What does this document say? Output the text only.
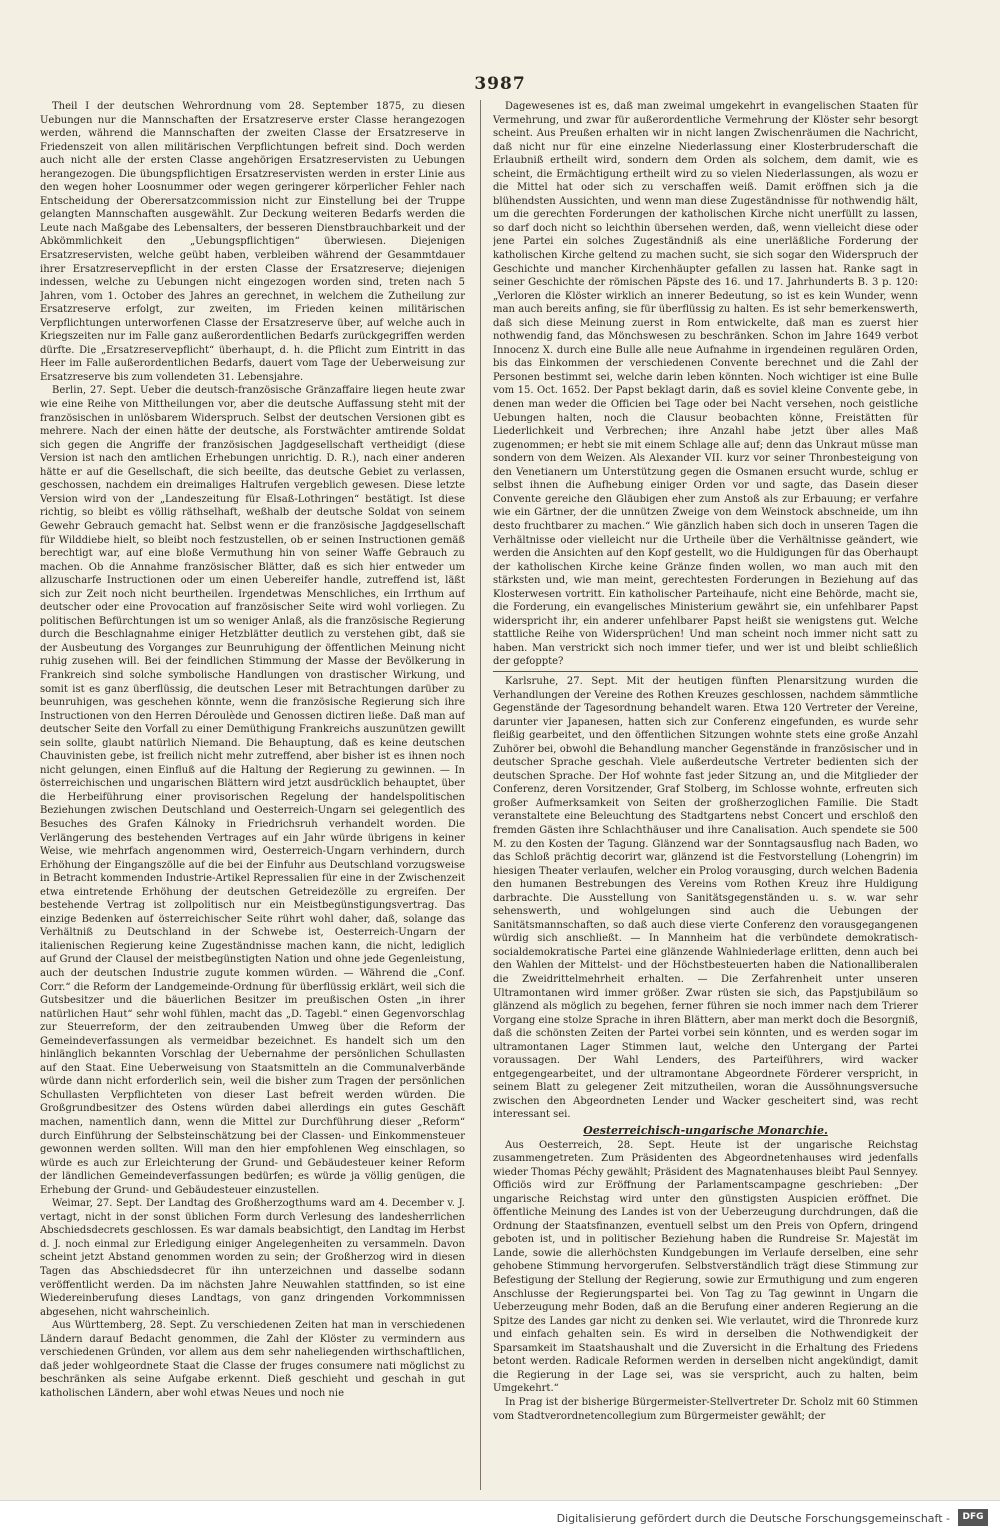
3987

Theil I der deutschen Wehrordnung vom 28. September 1875, zu diesen Uebungen nur die Mannschaften der Ersatzreserve erster Classe herangezogen werden, während die Mannschaften der zweiten Classe der Ersatzreserve in Friedenszeit von allen militärischen Verpflichtungen befreit sind. Doch werden auch nicht alle der ersten Classe angehörigen Ersatzreservisten zu Uebungen herangezogen. Die übungspflichtigen Ersatzreservisten werden in erster Linie aus den wegen hoher Loosnummer oder wegen geringerer körperlicher Fehler nach Entscheidung der Oberersatzcommission nicht zur Einstellung bei der Truppe gelangten Mannschaften ausgewählt. Zur Deckung weiteren Bedarfs werden die Leute nach Maßgabe des Lebensalters, der besseren Dienstbrauchbarkeit und der Abkömmlichkeit den „Uebungspflichtigen“ überwiesen. Diejenigen Ersatzreservisten, welche geübt haben, verbleiben während der Gesammtdauer ihrer Ersatzreservepflicht in der ersten Classe der Ersatzreserve; diejenigen indessen, welche zu Uebungen nicht eingezogen worden sind, treten nach 5 Jahren, vom 1. October des Jahres an gerechnet, in welchem die Zutheilung zur Ersatzreserve erfolgt, zur zweiten, im Frieden keinen militärischen Verpflichtungen unterworfenen Classe der Ersatzreserve über, auf welche auch in Kriegszeiten nur im Falle ganz außerordentlichen Bedarfs zurückgegriffen werden dürfte. Die „Ersatzreservepflicht“ überhaupt, d. h. die Pflicht zum Eintritt in das Heer im Falle außerordentlichen Bedarfs, dauert vom Tage der Ueberweisung zur Ersatzreserve bis zum vollendeten 31. Lebensjahre.

Berlin, 27. Sept. Ueber die deutsch-französische Gränzaffaire liegen heute zwar wie eine Reihe von Mittheilungen vor, aber die deutsche Auffassung steht mit der französischen in unlösbarem Widerspruch. Selbst der deutschen Versionen gibt es mehrere. Nach der einen hätte der deutsche, als Forstwächter amtirende Soldat sich gegen die Angriffe der französischen Jagdgesellschaft vertheidigt (diese Version ist nach den amtlichen Erhebungen unrichtig. D. R.), nach einer anderen hätte er auf die Gesellschaft, die sich beeilte, das deutsche Gebiet zu verlassen, geschossen, nachdem ein dreimaliges Haltrufen vergeblich gewesen. Diese letzte Version wird von der „Landeszeitung für Elsaß-Lothringen“ bestätigt. Ist diese richtig, so bleibt es völlig räthselhaft, weßhalb der deutsche Soldat von seinem Gewehr Gebrauch gemacht hat. Selbst wenn er die französische Jagdgesellschaft für Wilddiebe hielt, so bleibt noch festzustellen, ob er seinen Instructionen gemäß berechtigt war, auf eine bloße Vermuthung hin von seiner Waffe Gebrauch zu machen. Ob die Annahme französischer Blätter, daß es sich hier entweder um allzuscharfe Instructionen oder um einen Uebereifer handle, zutreffend ist, läßt sich zur Zeit noch nicht beurtheilen. Irgendetwas Menschliches, ein Irrthum auf deutscher oder eine Provocation auf französischer Seite wird wohl vorliegen. Zu politischen Befürchtungen ist um so weniger Anlaß, als die französische Regierung durch die Beschlagnahme einiger Hetzblätter deutlich zu verstehen gibt, daß sie der Ausbeutung des Vorganges zur Beunruhigung der öffentlichen Meinung nicht ruhig zusehen will. Bei der feindlichen Stimmung der Masse der Bevölkerung in Frankreich sind solche symbolische Handlungen von drastischer Wirkung, und somit ist es ganz überflüssig, die deutschen Leser mit Betrachtungen darüber zu beunruhigen, was geschehen könnte, wenn die französische Regierung sich ihre Instructionen von den Herren Déroulède und Genossen dictiren ließe. Daß man auf deutscher Seite den Vorfall zu einer Demüthigung Frankreichs auszunützen gewillt sein sollte, glaubt natürlich Niemand. Die Behauptung, daß es keine deutschen Chauvinisten gebe, ist freilich nicht mehr zutreffend, aber bisher ist es ihnen noch nicht gelungen, einen Einfluß auf die Haltung der Regierung zu gewinnen. — In österreichischen und ungarischen Blättern wird jetzt ausdrücklich behauptet, über die Herbeiführung einer provisorischen Regelung der handelspolitischen Beziehungen zwischen Deutschland und Oesterreich-Ungarn sei gelegentlich des Besuches des Grafen Kálnoky in Friedrichsruh verhandelt worden. Die Verlängerung des bestehenden Vertrages auf ein Jahr würde übrigens in keiner Weise, wie mehrfach angenommen wird, Oesterreich-Ungarn verhindern, durch Erhöhung der Eingangszölle auf die bei der Einfuhr aus Deutschland vorzugsweise in Betracht kommenden Industrie-Artikel Repressalien für eine in der Zwischenzeit etwa eintretende Erhöhung der deutschen Getreidezölle zu ergreifen. Der bestehende Vertrag ist zollpolitisch nur ein Meistbegünstigungsvertrag. Das einzige Bedenken auf österreichischer Seite rührt wohl daher, daß, solange das Verhältniß zu Deutschland in der Schwebe ist, Oesterreich-Ungarn der italienischen Regierung keine Zugeständnisse machen kann, die nicht, lediglich auf Grund der Clausel der meistbegünstigten Nation und ohne jede Gegenleistung, auch der deutschen Industrie zugute kommen würden. — Während die „Conf. Corr.“ die Reform der Landgemeinde-Ordnung für überflüssig erklärt, weil sich die Gutsbesitzer und die bäuerlichen Besitzer im preußischen Osten „in ihrer natürlichen Haut“ sehr wohl fühlen, macht das „D. Tagebl.“ einen Gegenvorschlag zur Steuerreform, der den zeitraubenden Umweg über die Reform der Gemeindeverfassungen als vermeidbar bezeichnet. Es handelt sich um den hinlänglich bekannten Vorschlag der Uebernahme der persönlichen Schullasten auf den Staat. Eine Ueberweisung von Staatsmitteln an die Communalverbände würde dann nicht erforderlich sein, weil die bisher zum Tragen der persönlichen Schullasten Verpflichteten von dieser Last befreit werden würden. Die Großgrundbesitzer des Ostens würden dabei allerdings ein gutes Geschäft machen, namentlich dann, wenn die Mittel zur Durchführung dieser „Reform“ durch Einführung der Selbsteinschätzung bei der Classen- und Einkommensteuer gewonnen werden sollten. Will man den hier empfohlenen Weg einschlagen, so würde es auch zur Erleichterung der Grund- und Gebäudesteuer keiner Reform der ländlichen Gemeindeverfassungen bedürfen; es würde ja völlig genügen, die Erhebung der Grund- und Gebäudesteuer einzustellen.

Weimar, 27. Sept. Der Landtag des Großherzogthums ward am 4. December v. J. vertagt, nicht in der sonst üblichen Form durch Verlesung des landesherrlichen Abschiedsdecrets geschlossen. Es war damals beabsichtigt, den Landtag im Herbst d. J. noch einmal zur Erledigung einiger Angelegenheiten zu versammeln. Davon scheint jetzt Abstand genommen worden zu sein; der Großherzog wird in diesen Tagen das Abschiedsdecret für ihn unterzeichnen und dasselbe sodann veröffentlicht werden. Da im nächsten Jahre Neuwahlen stattfinden, so ist eine Wiedereinberufung dieses Landtags, von ganz dringenden Vorkommnissen abgesehen, nicht wahrscheinlich.

Aus Württemberg, 28. Sept. Zu verschiedenen Zeiten hat man in verschiedenen Ländern darauf Bedacht genommen, die Zahl der Klöster zu vermindern aus verschiedenen Gründen, vor allem aus dem sehr naheliegenden wirthschaftlichen, daß jeder wohlgeordnete Staat die Classe der fruges consumere nati möglichst zu beschränken als seine Aufgabe erkennt. Dieß geschieht und geschah in gut katholischen Ländern, aber wohl etwas Neues und noch nie

Dagewesenes ist es, daß man zweimal umgekehrt in evangelischen Staaten für Vermehrung, und zwar für außerordentliche Vermehrung der Klöster sehr besorgt scheint. Aus Preußen erhalten wir in nicht langen Zwischenräumen die Nachricht, daß nicht nur für eine einzelne Niederlassung einer Klosterbruderschaft die Erlaubniß ertheilt wird, sondern dem Orden als solchem, dem damit, wie es scheint, die Ermächtigung ertheilt wird zu so vielen Niederlassungen, als wozu er die Mittel hat oder sich zu verschaffen weiß. Damit eröffnen sich ja die blühendsten Aussichten, und wenn man diese Zugeständnisse für nothwendig hält, um die gerechten Forderungen der katholischen Kirche nicht unerfüllt zu lassen, so darf doch nicht so leichthin übersehen werden, daß, wenn vielleicht diese oder jene Partei ein solches Zugeständniß als eine unerläßliche Forderung der katholischen Kirche geltend zu machen sucht, sie sich sogar den Widerspruch der Geschichte und mancher Kirchenhäupter gefallen zu lassen hat. Ranke sagt in seiner Geschichte der römischen Päpste des 16. und 17. Jahrhunderts B. 3 p. 120: „Verloren die Klöster wirklich an innerer Bedeutung, so ist es kein Wunder, wenn man auch bereits anfing, sie für überflüssig zu halten. Es ist sehr bemerkenswerth, daß sich diese Meinung zuerst in Rom entwickelte, daß man es zuerst hier nothwendig fand, das Mönchswesen zu beschränken. Schon im Jahre 1649 verbot Innocenz X. durch eine Bulle alle neue Aufnahme in irgendeinen regulären Orden, bis das Einkommen der verschiedenen Convente berechnet und die Zahl der Personen bestimmt sei, welche darin leben könnten. Noch wichtiger ist eine Bulle vom 15. Oct. 1652. Der Papst beklagt darin, daß es soviel kleine Convente gebe, in denen man weder die Officien bei Tage oder bei Nacht versehen, noch geistliche Uebungen halten, noch die Clausur beobachten könne, Freistätten für Liederlichkeit und Verbrechen; ihre Anzahl habe jetzt über alles Maß zugenommen; er hebt sie mit einem Schlage alle auf; denn das Unkraut müsse man sondern von dem Weizen. Als Alexander VII. kurz vor seiner Thronbesteigung von den Venetianern um Unterstützung gegen die Osmanen ersucht wurde, schlug er selbst ihnen die Aufhebung einiger Orden vor und sagte, das Dasein dieser Convente gereiche den Gläubigen eher zum Anstoß als zur Erbauung; er verfahre wie ein Gärtner, der die unnützen Zweige von dem Weinstock abschneide, um ihn desto fruchtbarer zu machen.“ Wie gänzlich haben sich doch in unseren Tagen die Verhältnisse oder vielleicht nur die Urtheile über die Verhältnisse geändert, wie werden die Ansichten auf den Kopf gestellt, wo die Huldigungen für das Oberhaupt der katholischen Kirche keine Gränze finden wollen, wo man auch mit den stärksten und, wie man meint, gerechtesten Forderungen in Beziehung auf das Klosterwesen vortritt. Ein katholischer Parteihaufe, nicht eine Behörde, macht sie, die Forderung, ein evangelisches Ministerium gewährt sie, ein unfehlbarer Papst widerspricht ihr, ein anderer unfehlbarer Papst heißt sie wenigstens gut. Welche stattliche Reihe von Widersprüchen! Und man scheint noch immer nicht satt zu haben. Man verstrickt sich noch immer tiefer, und wer ist und bleibt schließlich der gefoppte?

Karlsruhe, 27. Sept. Mit der heutigen fünften Plenarsitzung wurden die Verhandlungen der Vereine des Rothen Kreuzes geschlossen, nachdem sämmtliche Gegenstände der Tagesordnung behandelt waren. Etwa 120 Vertreter der Vereine, darunter vier Japanesen, hatten sich zur Conferenz eingefunden, es wurde sehr fleißig gearbeitet, und den öffentlichen Sitzungen wohnte stets eine große Anzahl Zuhörer bei, obwohl die Behandlung mancher Gegenstände in französischer und in deutscher Sprache geschah. Viele außerdeutsche Vertreter bedienten sich der deutschen Sprache. Der Hof wohnte fast jeder Sitzung an, und die Mitglieder der Conferenz, deren Vorsitzender, Graf Stolberg, im Schlosse wohnte, erfreuten sich großer Aufmerksamkeit von Seiten der großherzoglichen Familie. Die Stadt veranstaltete eine Beleuchtung des Stadtgartens nebst Concert und erschloß den fremden Gästen ihre Schlachthäuser und ihre Canalisation. Auch spendete sie 500 M. zu den Kosten der Tagung. Glänzend war der Sonntagsausflug nach Baden, wo das Schloß prächtig decorirt war, glänzend ist die Festvorstellung (Lohengrin) im hiesigen Theater verlaufen, welcher ein Prolog vorausging, durch welchen Badenia den humanen Bestrebungen des Vereins vom Rothen Kreuz ihre Huldigung darbrachte. Die Ausstellung von Sanitätsgegenständen u. s. w. war sehr sehenswerth, und wohlgelungen sind auch die Uebungen der Sanitätsmannschaften, so daß auch diese vierte Conferenz den vorausgegangenen würdig sich anschließt. — In Mannheim hat die verbündete demokratisch-socialdemokratische Partei eine glänzende Wahlniederlage erlitten, denn auch bei den Wahlen der Mittelst- und der Höchstbesteuerten haben die Nationalliberalen die Zweidrittelmehrheit erhalten. — Die Zerfahrenheit unter unseren Ultramontanen wird immer größer. Zwar rüsten sie sich, das Papstjubiläum so glänzend als möglich zu begehen, ferner führen sie noch immer nach dem Trierer Vorgang eine stolze Sprache in ihren Blättern, aber man merkt doch die Besorgniß, daß die schönsten Zeiten der Partei vorbei sein könnten, und es werden sogar im ultramontanen Lager Stimmen laut, welche den Untergang der Partei voraussagen. Der Wahl Lenders, des Parteiführers, wird wacker entgegengearbeitet, und der ultramontane Abgeordnete Förderer verspricht, in seinem Blatt zu gelegener Zeit mitzutheilen, woran die Aussöhnungsversuche zwischen den Abgeordneten Lender und Wacker gescheitert sind, was recht interessant sei.

Oesterreichisch-ungarische Monarchie.

Aus Oesterreich, 28. Sept. Heute ist der ungarische Reichstag zusammengetreten. Zum Präsidenten des Abgeordnetenhauses wird jedenfalls wieder Thomas Péchy gewählt; Präsident des Magnatenhauses bleibt Paul Sennyey. Officiös wird zur Eröffnung der Parlamentscampagne geschrieben: „Der ungarische Reichstag wird unter den günstigsten Auspicien eröffnet. Die öffentliche Meinung des Landes ist von der Ueberzeugung durchdrungen, daß die Ordnung der Staatsfinanzen, eventuell selbst um den Preis von Opfern, dringend geboten ist, und in politischer Beziehung haben die Rundreise Sr. Majestät im Lande, sowie die allerhöchsten Kundgebungen im Verlaufe derselben, eine sehr gehobene Stimmung hervorgerufen. Selbstverständlich trägt diese Stimmung zur Befestigung der Stellung der Regierung, sowie zur Ermuthigung und zum engeren Anschlusse der Regierungspartei bei. Von Tag zu Tag gewinnt in Ungarn die Ueberzeugung mehr Boden, daß an die Berufung einer anderen Regierung an die Spitze des Landes gar nicht zu denken sei. Wie verlautet, wird die Thronrede kurz und einfach gehalten sein. Es wird in derselben die Nothwendigkeit der Sparsamkeit im Staatshaushalt und die Zuversicht in die Erhaltung des Friedens betont werden. Radicale Reformen werden in derselben nicht angekündigt, damit die Regierung in der Lage sei, was sie verspricht, auch zu halten, beim Umgekehrt.“

In Prag ist der bisherige Bürgermeister-Stellvertreter Dr. Scholz mit 60 Stimmen vom Stadtverordnetencollegium zum Bürgermeister gewählt; der

Digitalisierung gefördert durch die Deutsche Forschungsgemeinschaft -	DFG
